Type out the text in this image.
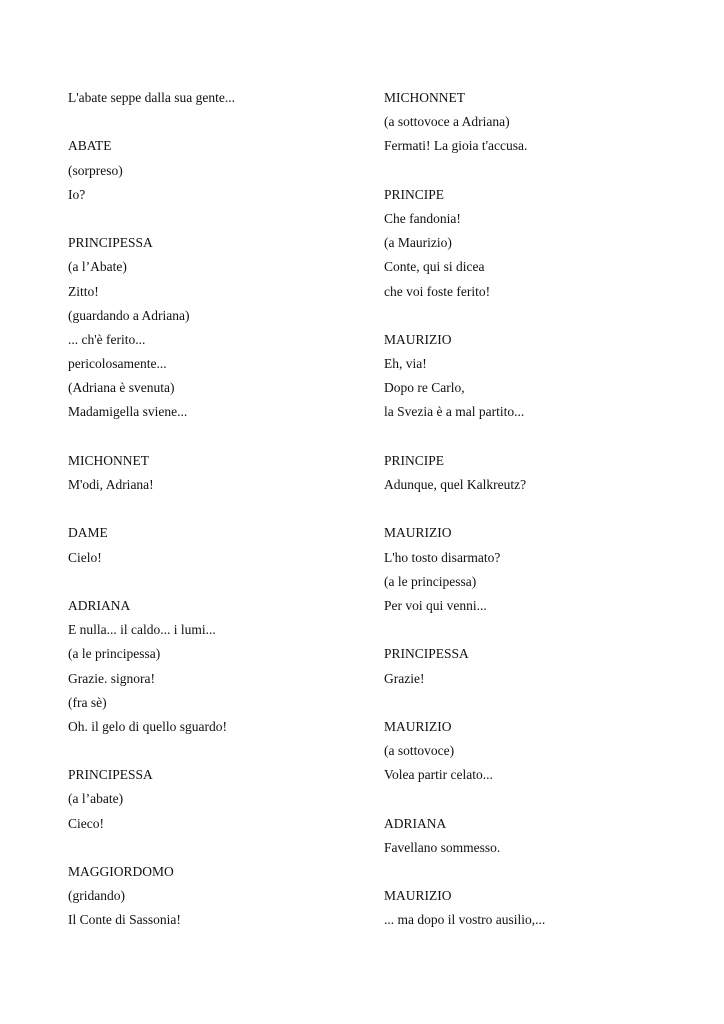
L'abate seppe dalla sua gente...
ABATE
(sorpreso)
Io?
PRINCIPESSA
(a l’Abate)
Zitto!
(guardando a Adriana)
... ch'è ferito...
pericolosamente...
(Adriana è svenuta)
Madamigella sviene...
MICHONNET
M'odi, Adriana!
DAME
Cielo!
ADRIANA
E nulla... il caldo... i lumi...
(a le principessa)
Grazie. signora!
(fra sè)
Oh. il gelo di quello sguardo!
PRINCIPESSA
(a l’abate)
Cieco!
MAGGIORDOMO
(gridando)
Il Conte di Sassonia!
MICHONNET
(a sottovoce a Adriana)
Fermati! La gioia t'accusa.
PRINCIPE
Che fandonia!
(a Maurizio)
Conte, qui si dicea
che voi foste ferito!
MAURIZIO
Eh, via!
Dopo re Carlo,
la Svezia è a mal partito...
PRINCIPE
Adunque, quel Kalkreutz?
MAURIZIO
L'ho tosto disarmato?
(a le principessa)
Per voi qui venni...
PRINCIPESSA
Grazie!
MAURIZIO
(a sottovoce)
Volea partir celato...
ADRIANA
Favellano sommesso.
MAURIZIO
... ma dopo il vostro ausilio,...
